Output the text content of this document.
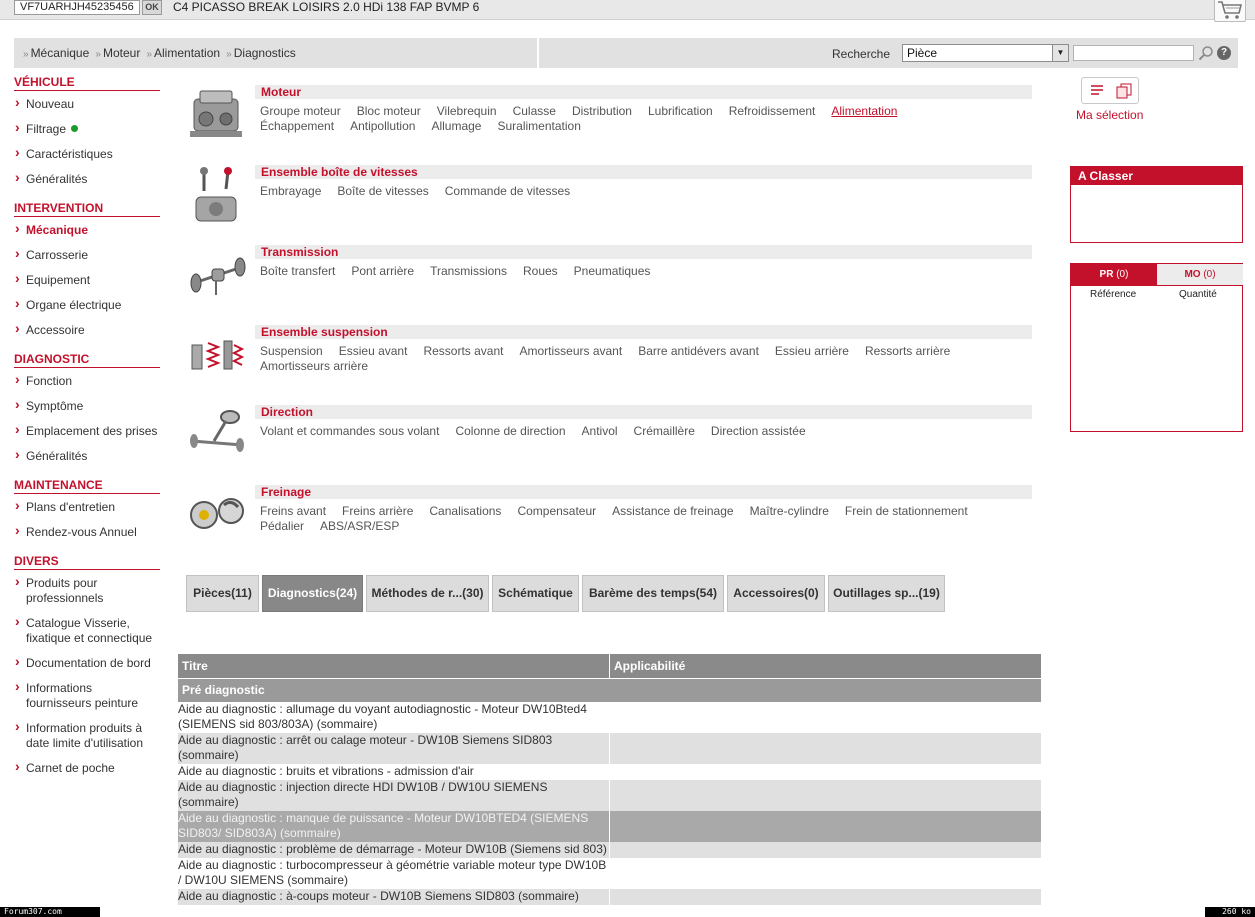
VF7UARHJH45235456	OK C4 PICASSO BREAK LOISIRS 2.0 HDi 138 FAP BVMP 6
» Mécanique  » Moteur  » Alimentation  » Diagnostics	Recherche	Pièce	▼	?
VÉHICULE
› Nouveau
› Filtrage
› Caractéristiques
› Généralités
INTERVENTION
› Mécanique
› Carrosserie
› Equipement
› Organe électrique
› Accessoire
DIAGNOSTIC
› Fonction
› Symptôme
› Emplacement des prises
› Généralités
MAINTENANCE
› Plans d'entretien
› Rendez-vous Annuel
DIVERS
› Produits pour professionnels
› Catalogue Visserie, fixatique et connectique
› Documentation de bord
› Informations fournisseurs peinture
› Information produits à date limite d'utilisation
› Carnet de poche
Moteur
Groupe moteur Bloc moteur Vilebrequin Culasse Distribution Lubrification Refroidissement Alimentation
Échappement Antipollution Allumage Suralimentation
Ensemble boîte de vitesses
Embrayage Boîte de vitesses Commande de vitesses
Transmission
Boîte transfert Pont arrière Transmissions Roues Pneumatiques
Ensemble suspension
Suspension Essieu avant Ressorts avant Amortisseurs avant Barre antidévers avant Essieu arrière Ressorts arrière
Amortisseurs arrière
Direction
Volant et commandes sous volant Colonne de direction Antivol Crémaillère Direction assistée
Freinage
Freins avant Freins arrière Canalisations Compensateur Assistance de freinage Maître-cylindre Frein de stationnement
Pédalier ABS/ASR/ESP
Ma sélection
A Classer
PR (0)	MO (0)
Référence	Quantité
Pièces(11)	Diagnostics(24)	Méthodes de r...(30)	Schématique	Barème des temps(54)	Accessoires(0)	Outillages sp...(19)
Titre	Applicabilité
Pré diagnostic
Aide au diagnostic : allumage du voyant autodiagnostic - Moteur DW10Bted4 (SIEMENS sid 803/803A) (sommaire)
Aide au diagnostic : arrêt ou calage moteur - DW10B Siemens SID803 (sommaire)
Aide au diagnostic : bruits et vibrations - admission d'air
Aide au diagnostic : injection directe HDI DW10B / DW10U SIEMENS (sommaire)
Aide au diagnostic : manque de puissance - Moteur DW10BTED4 (SIEMENS SID803/ SID803A) (sommaire)
Aide au diagnostic : problème de démarrage - Moteur DW10B (Siemens sid 803)
Aide au diagnostic : turbocompresseur à géométrie variable moteur type DW10B / DW10U SIEMENS (sommaire)
Aide au diagnostic : à-coups moteur - DW10B Siemens SID803 (sommaire)
Forum307.com	260 ko
